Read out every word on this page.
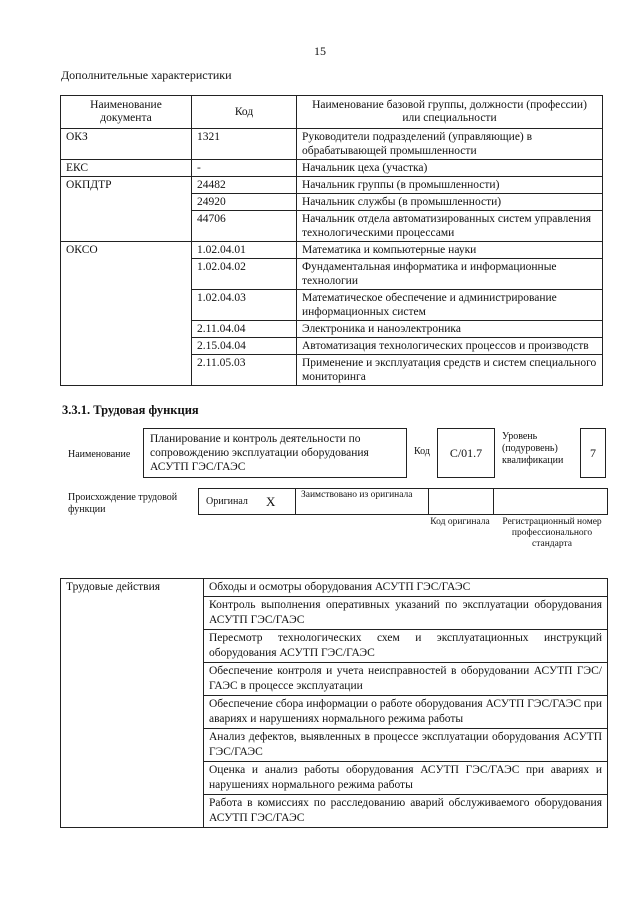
15
Дополнительные характеристики
Наименование документа	Код	Наименование базовой группы, должности (профессии) или специальности
ОКЗ	1321	Руководители подразделений (управляющие) в обрабатывающей промышленности
ЕКС	-	Начальник цеха (участка)
ОКПДТР	24482	Начальник группы (в промышленности)
	24920	Начальник службы (в промышленности)
	44706	Начальник отдела автоматизированных систем управления технологическими процессами
ОКСО	1.02.04.01	Математика и компьютерные науки
	1.02.04.02	Фундаментальная информатика и информационные технологии
	1.02.04.03	Математическое обеспечение и администрирование информационных систем
	2.11.04.04	Электроника и наноэлектроника
	2.15.04.04	Автоматизация технологических процессов и производств
	2.11.05.03	Применение и эксплуатация средств и систем специального мониторинга
3.3.1. Трудовая функция
Наименование
Планирование и контроль деятельности по сопровождению эксплуатации оборудования АСУТП ГЭС/ГАЭС
Код	C/01.7
Уровень (подуровень) квалификации
7
Происхождение трудовой функции
Оригинал X	Заимствовано из оригинала
Код оригинала	Регистрационный номер профессионального стандарта
Трудовые действия	Обходы и осмотры оборудования АСУТП ГЭС/ГАЭС
Контроль выполнения оперативных указаний по эксплуатации оборудования АСУТП ГЭС/ГАЭС
Пересмотр технологических схем и эксплуатационных инструкций оборудования АСУТП ГЭС/ГАЭС
Обеспечение контроля и учета неисправностей в оборудовании АСУТП ГЭС/ГАЭС в процессе эксплуатации
Обеспечение сбора информации о работе оборудования АСУТП ГЭС/ГАЭС при авариях и нарушениях нормального режима работы
Анализ дефектов, выявленных в процессе эксплуатации оборудования АСУТП ГЭС/ГАЭС
Оценка и анализ работы оборудования АСУТП ГЭС/ГАЭС при авариях и нарушениях нормального режима работы
Работа в комиссиях по расследованию аварий обслуживаемого оборудования АСУТП ГЭС/ГАЭС
